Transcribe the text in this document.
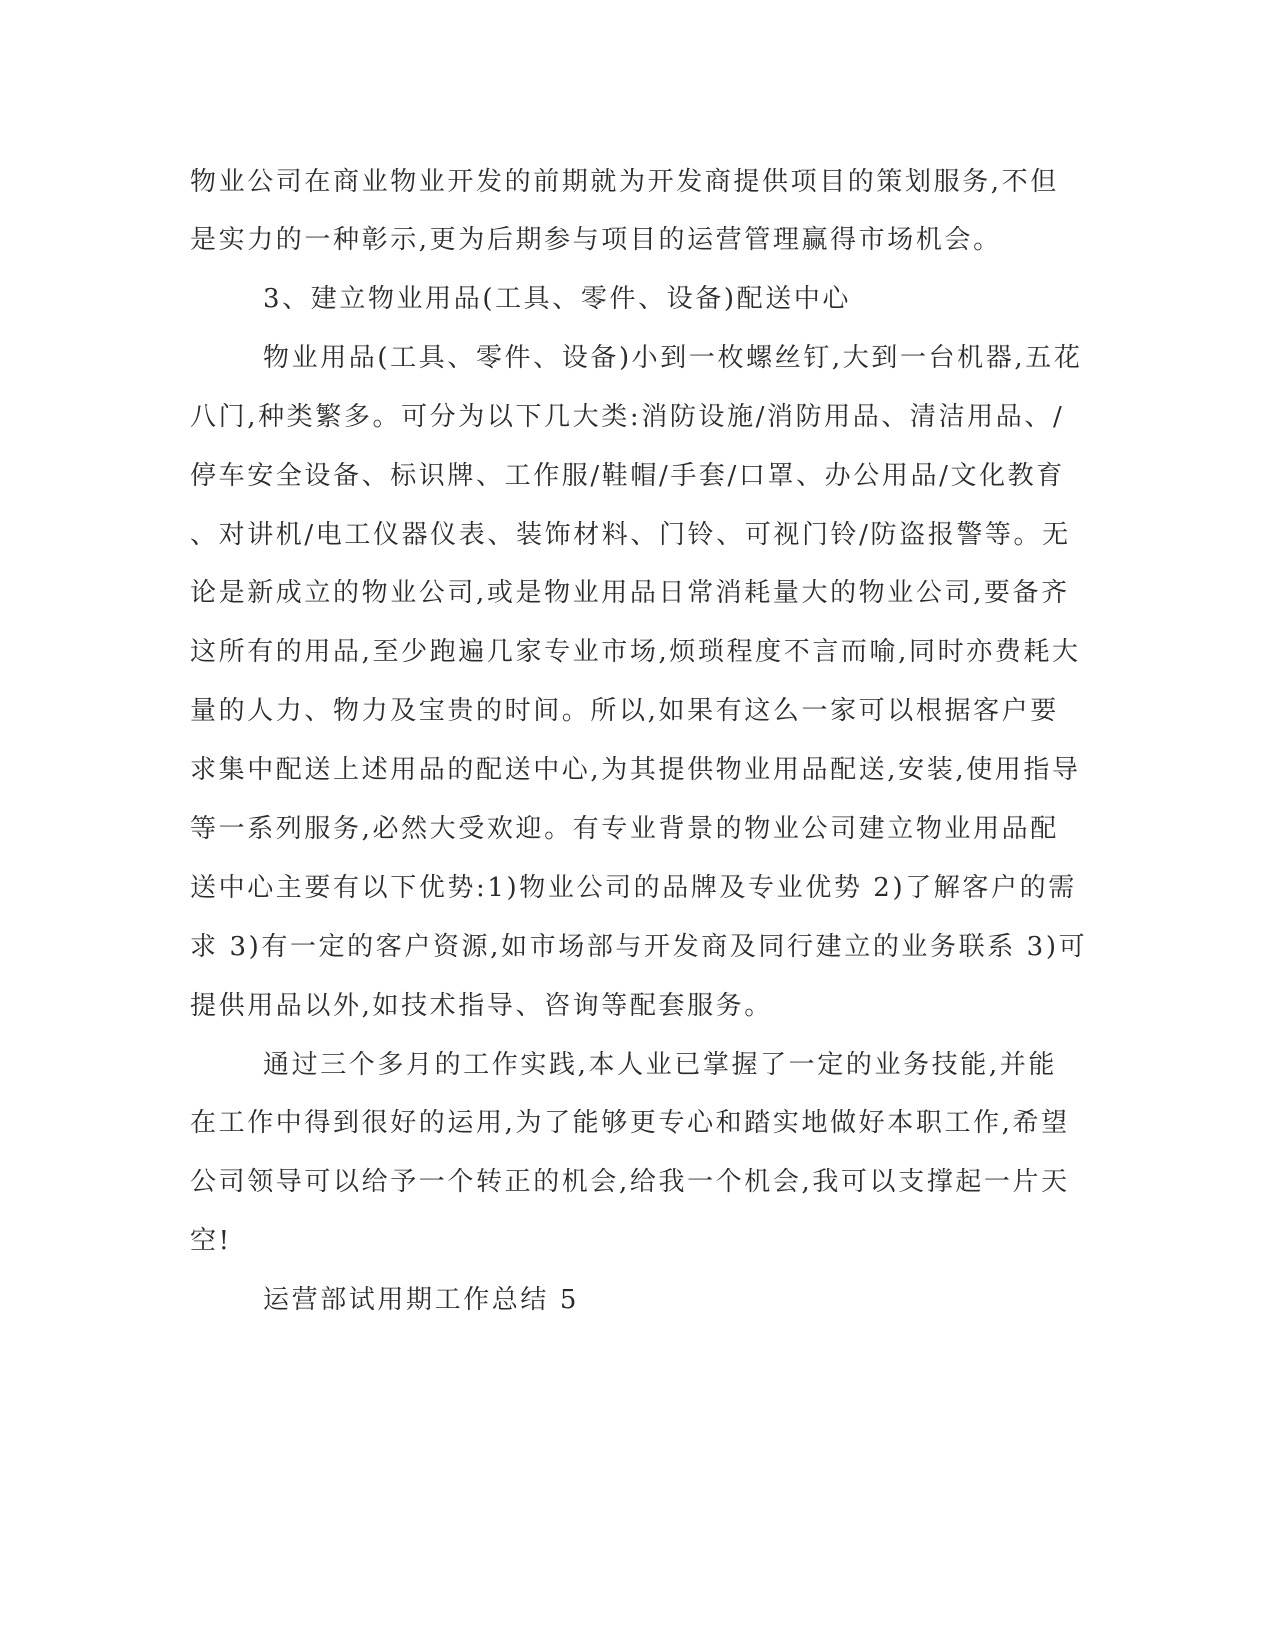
物业公司在商业物业开发的前期就为开发商提供项目的策划服务,不但

是实力的一种彰示,更为后期参与项目的运营管理赢得市场机会。

3、建立物业用品(工具、零件、设备)配送中心

物业用品(工具、零件、设备)小到一枚螺丝钉,大到一台机器,五花

八门,种类繁多。可分为以下几大类:消防设施/消防用品、清洁用品、/

停车安全设备、标识牌、工作服/鞋帽/手套/口罩、办公用品/文化教育

、对讲机/电工仪器仪表、装饰材料、门铃、可视门铃/防盗报警等。无

论是新成立的物业公司,或是物业用品日常消耗量大的物业公司,要备齐

这所有的用品,至少跑遍几家专业市场,烦琐程度不言而喻,同时亦费耗大

量的人力、物力及宝贵的时间。所以,如果有这么一家可以根据客户要

求集中配送上述用品的配送中心,为其提供物业用品配送,安装,使用指导

等一系列服务,必然大受欢迎。有专业背景的物业公司建立物业用品配

送中心主要有以下优势:1)物业公司的品牌及专业优势 2)了解客户的需

求 3)有一定的客户资源,如市场部与开发商及同行建立的业务联系 3)可

提供用品以外,如技术指导、咨询等配套服务。

通过三个多月的工作实践,本人业已掌握了一定的业务技能,并能

在工作中得到很好的运用,为了能够更专心和踏实地做好本职工作,希望

公司领导可以给予一个转正的机会,给我一个机会,我可以支撑起一片天

空!

运营部试用期工作总结 5
